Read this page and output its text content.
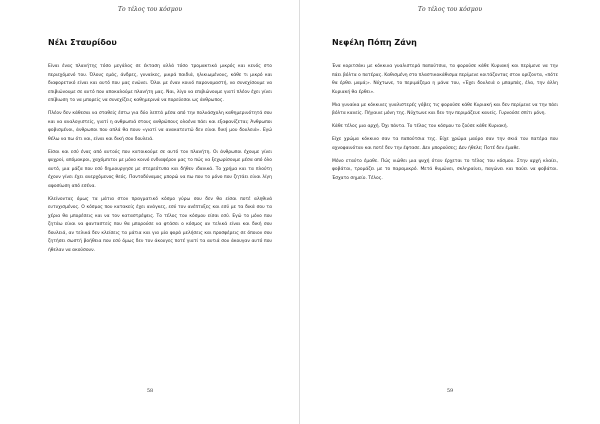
Το τέλος του κόσμου
Νέλι Σταυρίδου

Είναι ένας πλανήτης τόσο μεγάλος σε έκταση αλλά τόσο τρομακτικά μικρός και κενός στο περιεχόμενό του. Όλους εμάς, άνδρες, γυναίκες, μικρά παιδιά, ηλικιωμένους, κάθε τι μικρό και διαφορετικό είναι και αυτό που μας ενώνει. Όλοι με έναν κοινό παρονομαστή, να συνεχίσουμε να επιβιώνουμε σε αυτό που αποκαλούμε πλανήτη μας. Ναι, λίγο να επιβιώνουμε γιατί πλέον έχει γίνει επίβιωση το να μπορείς να συνεχίζεις καθημερινά να πορεύεσαι ως άνθρωπος.

Πλέον δεν κάθεσαι να σταθείς έστω για δύο λεπτά μέσα από την πολυάσχολη καθημερινότητά σου και να αναλογιστείς, γιατί η ανθρωπιά στους ανθρώπους ολοένα πάει και εξαφανίζεται; Άνθρωποι φοβισμένοι, άνθρωποι που απλά θα πουν «γιατί να ανακατευτώ δεν είναι δική μου δουλειά». Εγώ θέλω να πω ότι ναι, είναι και δική σου δουλειά.

Είσαι και εσύ ένας από αυτούς που κατοικούμε σε αυτό τον πλανήτη. Οι άνθρωποι έχουμε γίνει ψυχροί, απόμακροι, χαχόμπιτοι με μόνο κοινό ενδιαφέρον μας το πώς να ξεχωρίσουμε μέσα από όλο αυτό, μια μάζα που εσύ δημιουργησε με στερεότυπα και δήθεν ιδανικά. Το χρήμα και τα πλούτη έχουν γίνει έχει ανερχόμενος θεός. Παντοδύναμος μπορώ να πω που το μόνο που ζητάει είναι λίγη αφοσίωση από εσένα.

Κλείνοντας όμως τα μάτια στον πραγματικό κόσμο γύρω σου δεν θα είσαι ποτέ αληθινά ευτυχισμένος. Ο κόσμος που κατακείς έχει ανάγκες, εσύ τον ανέπτυξες και εσύ με τα δικά σου τα χέρια θα μπορέσεις και να τον καταστρέψεις. Το τέλος του κόσμου είσαι εσύ. Εγώ το μόνο που ζητάω είναι να φανταστείς που θα μπορούσε να φτάσει ο κόσμος αν τελικά είναι και δική σου δουλειά, αν τελικά δεν κλείσεις τα μάτια και για μία φορά μελήσεις και προσφέρεις σε όποιον σου ζητήσει σωστή βοήθεια που εσύ όμως δεν τον άκουγες ποτέ γιατί τα αυτιά σου άκουγαν αυτό που ήθελαν να ακούσουν.

58
Το τέλος του κόσμου
Νεφέλη Πόπη Ζάνη

Ένα κοριτσάκι με κόκκινα γυαλιστερά παπούτσια, τα φορούσε κάθε Κυριακή και περίμενε να την πάει βόλτα ο πατέρας. Καθισμένη στο πλαστικοκάθισμα περίμενε κοιτάζοντας στον ορίζοντα, «πότε θα έρθει μαμά;». Νύχτωνε, το περιμάζεμα η μάνα του, «Έχει δουλειά ο μπαμπάς, έλα, την άλλη Κυριακή θα έρθει».

Μια γυναίκα με κόκκινες γυαλιστερές γόβες τις φορούσε κάθε Κυριακή και δεν περίμενε να την πάει βόλτα κανείς. Πήγαινε μόνη της. Νύχτωνε και δεν την περιμάζευε κανείς. Γυρνούσε σπίτι μόνη.

Κάθε τέλος μια αρχή. Όχι πάντα. Το τέλος του κόσμου το ζούσε κάθε Κυριακή.

Είχε χρώμα κόκκινο σαν τα παπούτσια της. Είχε χρώμα μαύρο σαν την σκιά του πατέρα που αχνοφαινόταν και ποτέ δεν την έφτασε. Δεν μπορούσες; Δεν ήθελε; Ποτέ δεν έμαθε.

Μόνο εταύτο έμαθε. Πώς νιώθει μια ψυχή όταν έρχεται το τέλος του κόσμου. Στην αρχή κλαίει, φοβάται, τρομάζει με το παραμικρό. Μετά θυμώνει, σκληραίνει, παγώνει και παύει να φοβάται. Έσχατο σημείο. Τέλος.

59
